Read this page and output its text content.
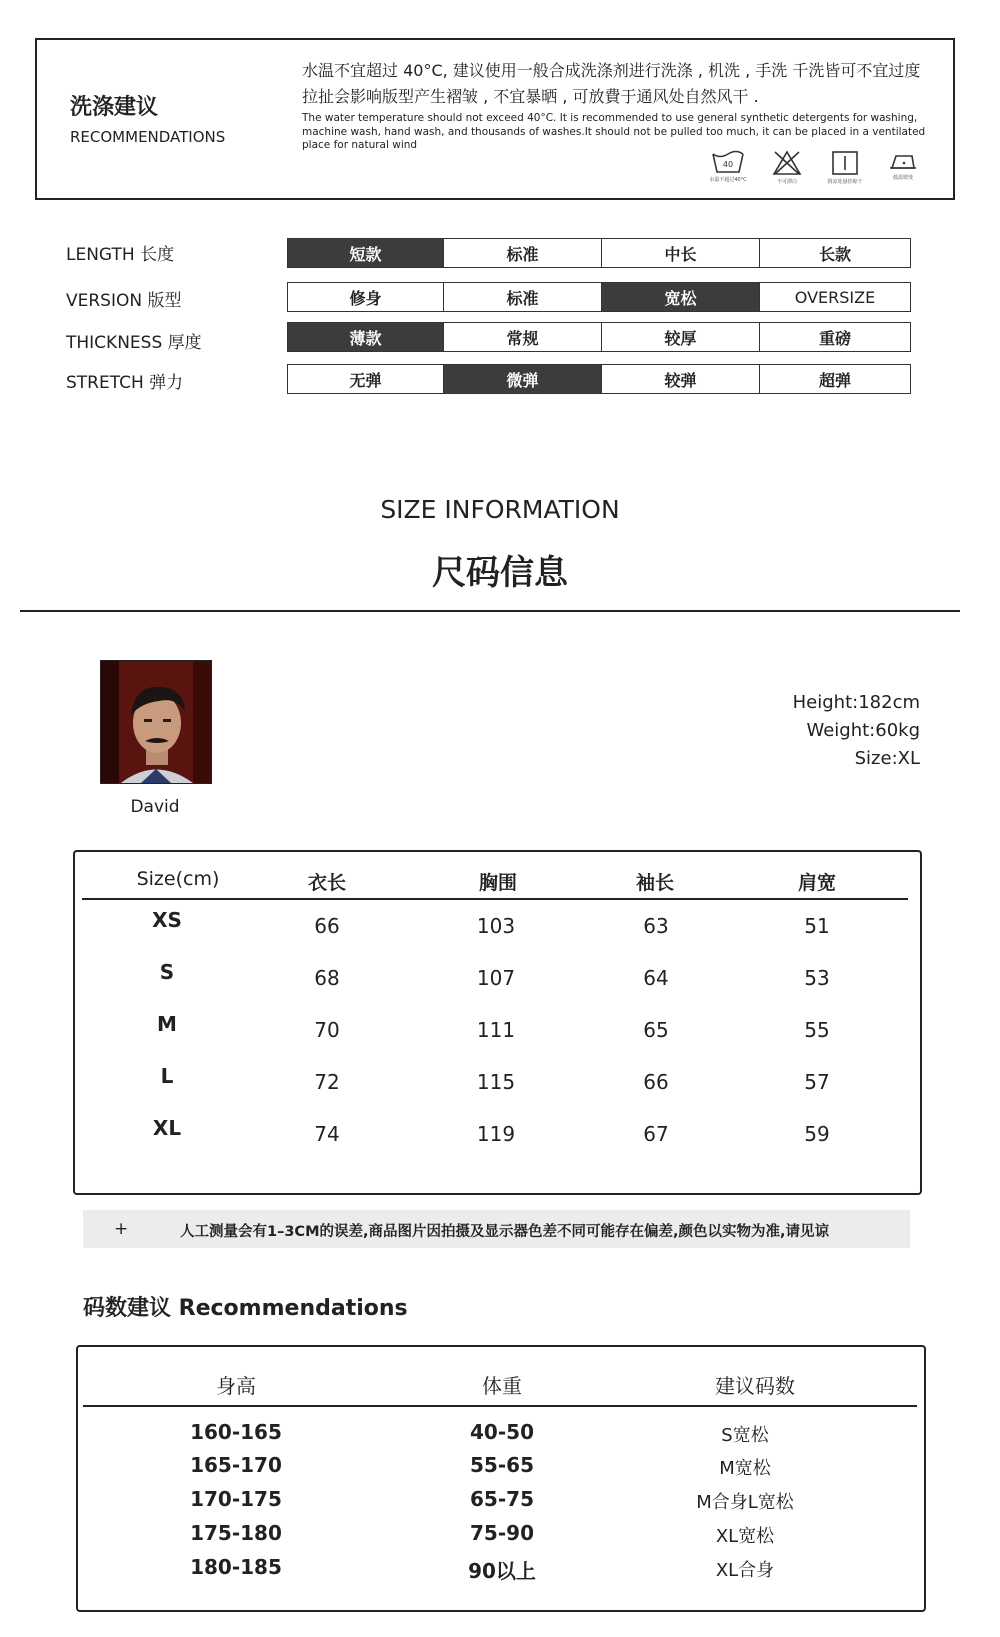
洗涤建议
RECOMMENDATIONS
水温不宜超过 40°C, 建议使用一般合成洗涤剂进行洗涤 , 机洗 , 手洗 千洗皆可不宜过度拉扯会影响版型产生褶皱 , 不宜暴晒 , 可放費于通风处自然风干 .
The water temperature should not exceed 40°C. It is recommended to use general synthetic detergents for washing, machine wash, hand wash, and thousands of washes.It should not be pulled too much, it can be placed in a ventilated place for natural wind
40
水温不超过40°C	不可漂白	阴凉处悬挂晾干
低温熨烫
LENGTH 长度	短款	标准	中长	长款
VERSION 版型	修身	标准	宽松	OVERSIZE
THICKNESS 厚度	薄款	常规	较厚	重磅
STRETCH 弹力	无弹	微弹	较弹	超弹
SIZE INFORMATION
尺码信息
David
Height:182cm
Weight:60kg
Size:XL
Size(cm)	衣长	胸围	袖长	肩宽
XS	66	103	63	51
S	68	107	64	53
M	70	111	65	55
L	72	115	66	57
XL	74	119	67	59
+	人工测量会有1–3CM的误差,商品图片因拍摄及显示器色差不同可能存在偏差,颜色以实物为准,请见谅
码数建议 Recommendations
身高	体重	建议码数
160-165	40-50	S宽松
165-170	55-65	M宽松
170-175	65-75	M合身L宽松
175-180	75-90	XL宽松
180-185	90以上	XL合身
